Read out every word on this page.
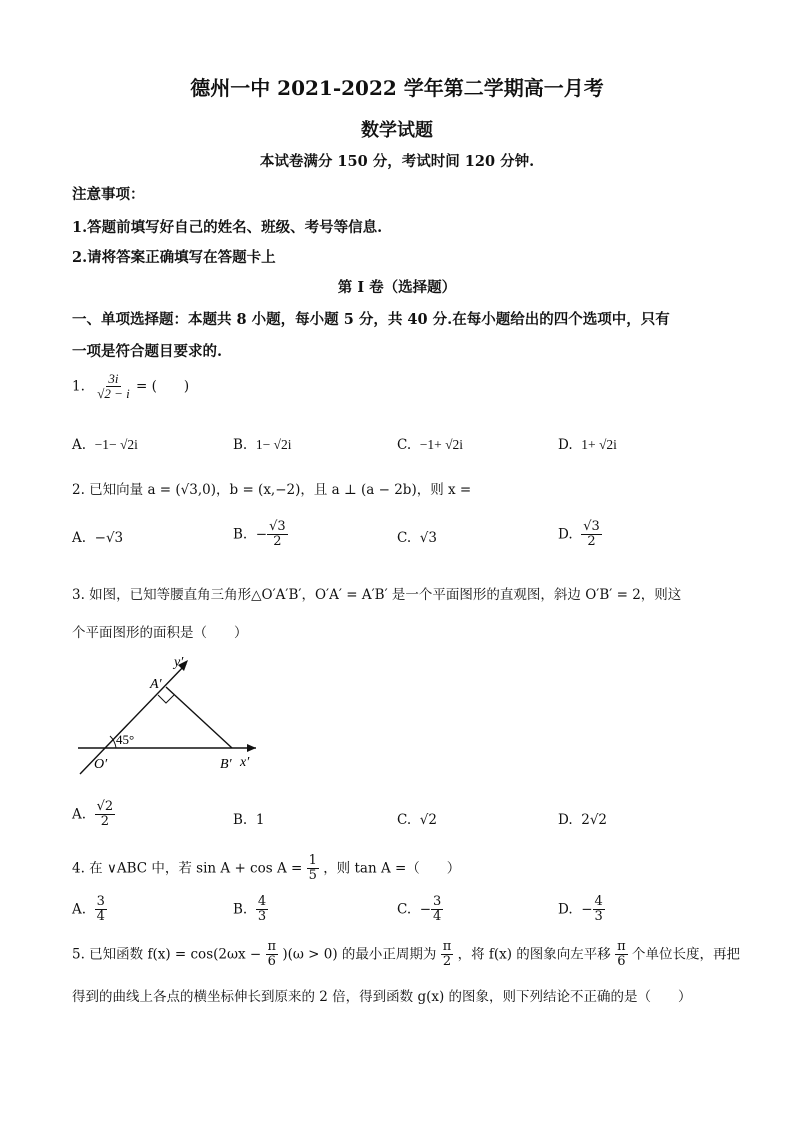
德州一中 2021-2022 学年第二学期高一月考
数学试题
本试卷满分 150 分，考试时间 120 分钟.
注意事项：
1.答题前填写好自己的姓名、班级、考号等信息.
2.请将答案正确填写在答题卡上
第 I 卷（选择题）
一、单项选择题：本题共 8 小题，每小题 5 分，共 40 分.在每小题给出的四个选项中，只有
一项是符合题目要求的.
1. $\frac{3i}{√2 - i}$ = (　　)
A. −1− √2i	B. 1− √2i	C. −1+ √2i	D. 1+ √2i
2. 已知向量 a = (√3,0)，b = (x,−2)，且 a ⊥ (a − 2b)，则 x =
A. −√3	B.  − $\frac{√3}{2}$	C. √3	D. $\frac{√3}{2}$
3. 如图，已知等腰直角三角形△O′A′B′，O′A′ = A′B′ 是一个平面图形的直观图，斜边 O′B′ = 2，则这
个平面图形的面积是（　　）
y′
A′
45°
O′	B′ x′
A. $\frac{√2}{2}$	B. 1	C. √2	D. 2√2
4. 在 ∨ABC 中，若 $\sin A + \cos A = \frac{1}{5}$ ，则 tan A =（　　）
A. $\frac{3}{4}$	B. $\frac{4}{3}$	C. − $\frac{3}{4}$	D. − $\frac{4}{3}$
5. 已知函数 $f(x) = \cos(2\omega x - \frac{\pi}{6} )(\omega > 0)$ 的最小正周期为 $\frac{\pi}{2}$ ，将 f(x) 的图象向左平移 $\frac{\pi}{6}$ 个单位长度，再把
得到的曲线上各点的横坐标伸长到原来的 2 倍，得到函数 g(x) 的图象，则下列结论不正确的是（　　）
